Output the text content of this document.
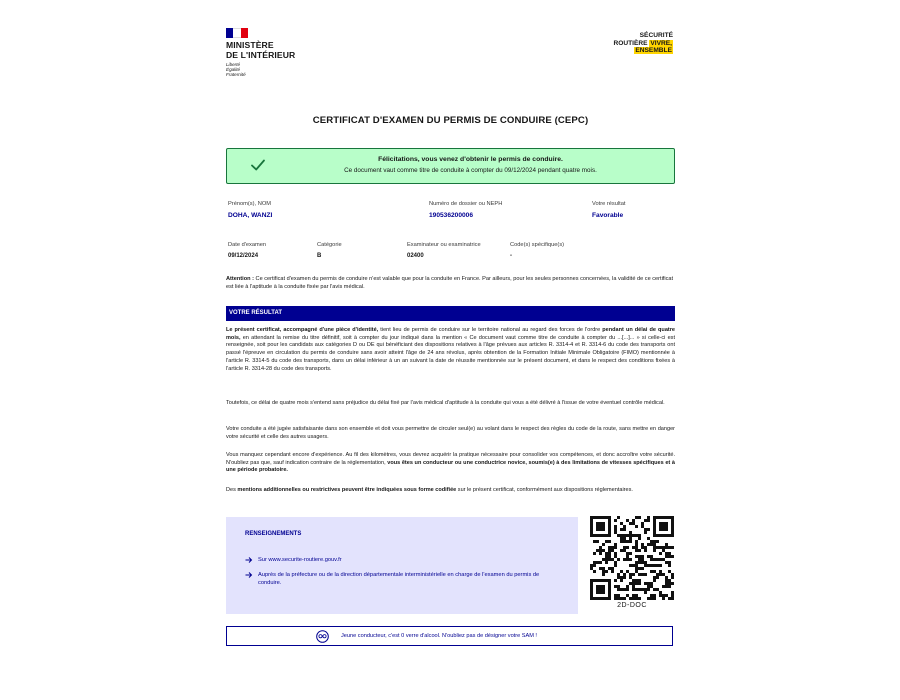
MINISTÈRE
DE L'INTÉRIEUR
Liberté
Égalité
Fraternité
SÉCURITÉ
ROUTIÈRE VIVRE,
ENSEMBLE
CERTIFICAT D'EXAMEN DU PERMIS DE CONDUIRE (CEPC)
Félicitations, vous venez d'obtenir le permis de conduire.
Ce document vaut comme titre de conduite à compter du 09/12/2024 pendant quatre mois.
Prénom(s), NOM
DOHA, WANZI
Numéro de dossier ou NEPH
190536200006
Votre résultat
Favorable
Date d'examen
09/12/2024
Catégorie
B
Examinateur ou examinatrice
02400
Code(s) spécifique(s)
-
Attention : Ce certificat d'examen du permis de conduire n'est valable que pour la conduite en France. Par ailleurs, pour les seules personnes concernées, la validité de ce certificat est liée à l'aptitude à la conduite fixée par l'avis médical.
VOTRE RÉSULTAT

Le présent certificat, accompagné d'une pièce d'identité, tient lieu de permis de conduire sur le territoire national au regard des forces de l'ordre pendant un délai de quatre mois, en attendant la remise du titre définitif, soit à compter du jour indiqué dans la mention « Ce document vaut comme titre de conduite à compter du ...[...]... » si celle-ci est renseignée, soit pour les candidats aux catégories D ou DE qui bénéficiant des dispositions relatives à l'âge prévues aux articles R. 3314-4 et R. 3314-6 du code des transports ont passé l'épreuve en circulation du permis de conduire sans avoir atteint l'âge de 24 ans révolus, après obtention de la Formation Initiale Minimale Obligatoire (FIMO) mentionnée à l'article R. 3314-5 du code des transports, dans un délai inférieur à un an suivant la date de réussite mentionnée sur le présent document, et dans le respect des conditions fixées à l'article R. 3314-28 du code des transports.

Toutefois, ce délai de quatre mois s'entend sans préjudice du délai fixé par l'avis médical d'aptitude à la conduite qui vous a été délivré à l'issue de votre éventuel contrôle médical.

Votre conduite a été jugée satisfaisante dans son ensemble et doit vous permettre de circuler seul(e) au volant dans le respect des règles du code de la route, sans mettre en danger votre sécurité et celle des autres usagers.

Vous manquez cependant encore d'expérience. Au fil des kilomètres, vous devrez acquérir la pratique nécessaire pour consolider vos compétences, et donc accroître votre sécurité. N'oubliez pas que, sauf indication contraire de la réglementation, vous êtes un conducteur ou une conductrice novice, soumis(e) à des limitations de vitesses spécifiques et à une période probatoire.

Des mentions additionnelles ou restrictives peuvent être indiquées sous forme codifiée sur le présent certificat, conformément aux dispositions réglementaires.

RENSEIGNEMENTS
Sur www.securite-routiere.gouv.fr
Auprès de la préfecture ou de la direction départementale interministérielle en charge de l'examen du permis de conduire.
2D-DOC
Jeune conducteur, c'est 0 verre d'alcool. N'oubliez pas de désigner votre SAM !
